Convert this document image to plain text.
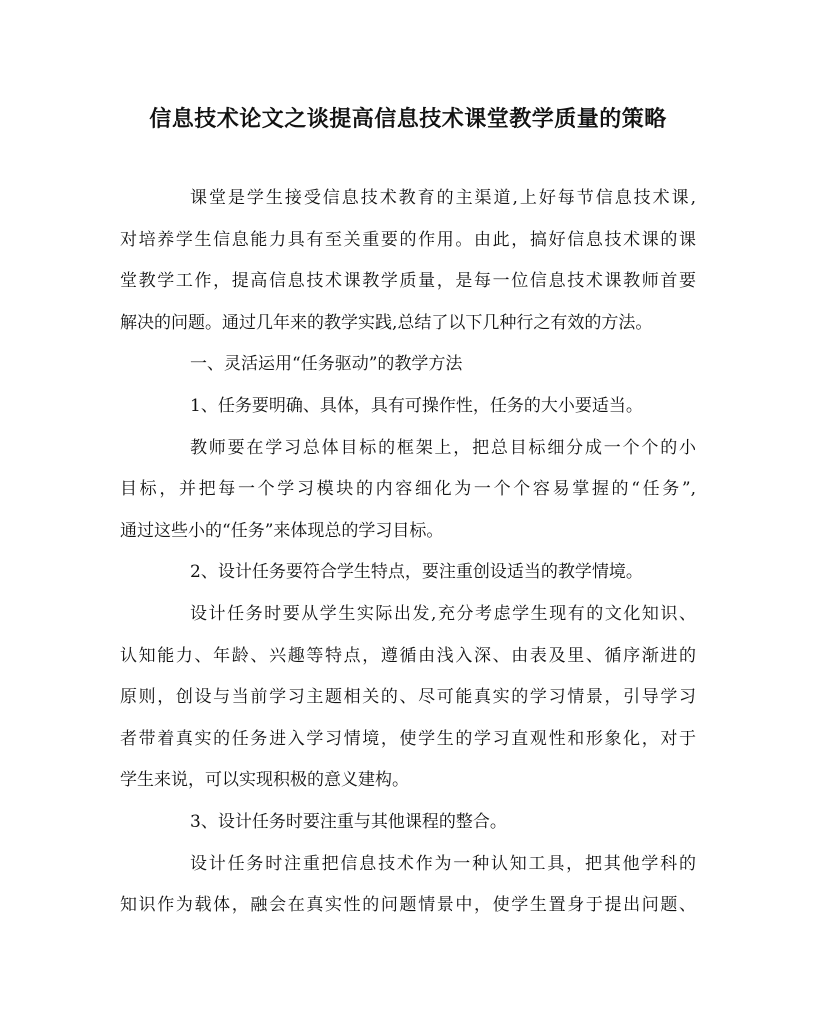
信息技术论文之谈提高信息技术课堂教学质量的策略
课堂是学生接受信息技术教育的主渠道,上好每节信息技术课,
对培养学生信息能力具有至关重要的作用。由此，搞好信息技术课的课
堂教学工作，提高信息技术课教学质量，是每一位信息技术课教师首要
解决的问题。通过几年来的教学实践,总结了以下几种行之有效的方法。
一、灵活运用“任务驱动”的教学方法
1、任务要明确、具体，具有可操作性，任务的大小要适当。
教师要在学习总体目标的框架上，把总目标细分成一个个的小
目标，并把每一个学习模块的内容细化为一个个容易掌握的“任务”,
通过这些小的“任务”来体现总的学习目标。
2、设计任务要符合学生特点，要注重创设适当的教学情境。
设计任务时要从学生实际出发,充分考虑学生现有的文化知识、
认知能力、年龄、兴趣等特点，遵循由浅入深、由表及里、循序渐进的
原则，创设与当前学习主题相关的、尽可能真实的学习情景，引导学习
者带着真实的任务进入学习情境，使学生的学习直观性和形象化，对于
学生来说，可以实现积极的意义建构。
3、设计任务时要注重与其他课程的整合。
设计任务时注重把信息技术作为一种认知工具，把其他学科的
知识作为载体，融会在真实性的问题情景中，使学生置身于提出问题、
